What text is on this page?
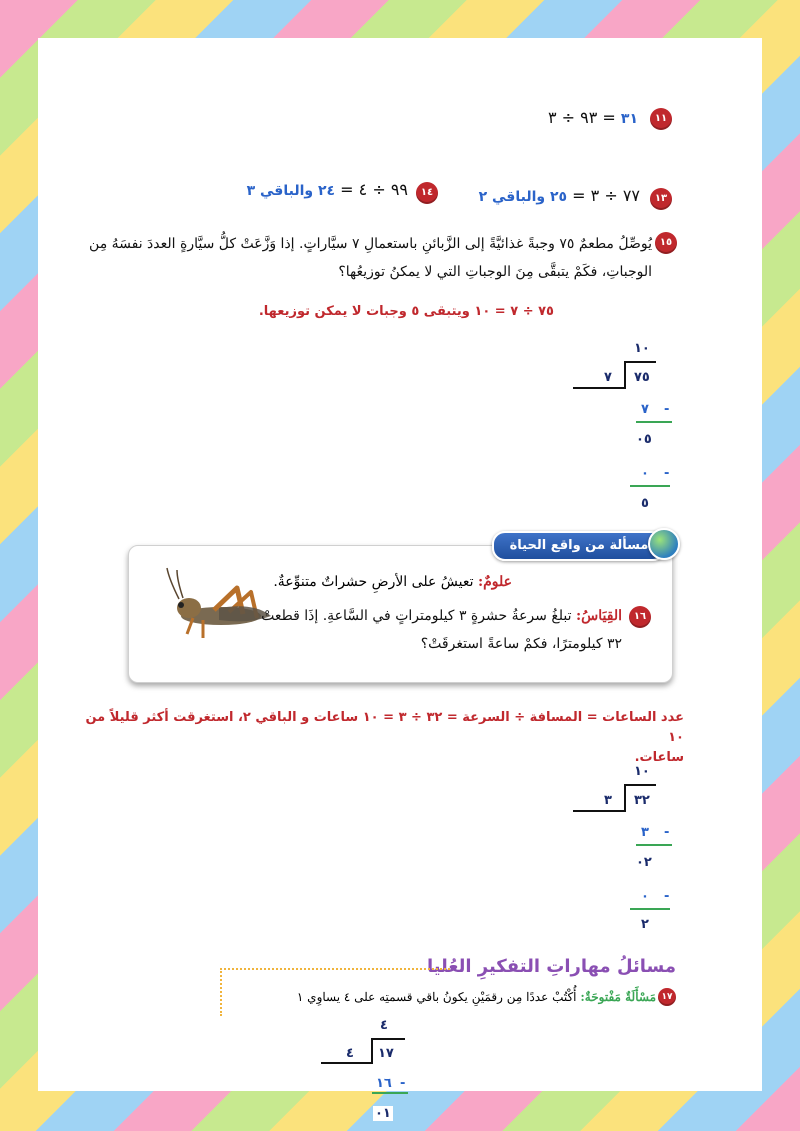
١١
٣١ = ٩٣ ÷ ٣
١٣
٧٧ ÷ ٣ = ٢٥ والباقي ٢
١٤
٩٩ ÷ ٤ = ٢٤ والباقي ٣
١٥
يُوصِّلُ مطعمٌ ٧٥ وجبةً غذائيَّةً إلى الزَّبائنِ باستعمالِ ٧ سيَّاراتٍ. إذا وَزَّعَتْ كلُّ سيَّارةٍ العددَ نفسَهُ مِن
الوجباتِ، فكَمْ يتبقَّى مِنَ الوجباتِ التي لا يمكنُ توزيعُها؟
٧٥ ÷ ٧ = ١٠ ويتبقى ٥ وجبات لا يمكن توزيعها.
١٠
٧٥
٧
٧ -
٠٥
٠ -
٥
علومٌ: تعيشُ على الأرضِ حشراتٌ متنوِّعةٌ.
١٦
القِيَاسُ: تبلغُ سرعةُ حشرةٍ ٣ كيلومتراتٍ في السَّاعةِ. إذَا قطعتْ
٣٢ كيلومترًا، فكمْ ساعةً استغرقَتْ؟
مسألة من واقع الحياة
عدد الساعات = المسافة ÷ السرعة = ٣٢ ÷ ٣ = ١٠ ساعات و الباقي ٢، استغرقت أكثر قليلاً من ١٠
ساعات.
١٠
٣٢
٣
٣ -
٠٢
٠ -
٢
مسائلُ مهاراتِ التفكيرِ العُليا
١٧
مَسْأَلَةٌ مَفْتوحَةٌ: أُكْتُبْ عددًا مِن رقمَيْنِ يكونُ باقي قسمتِه على ٤ يساوِي ١
٤
١٧
٤
١٦ -
٠١
